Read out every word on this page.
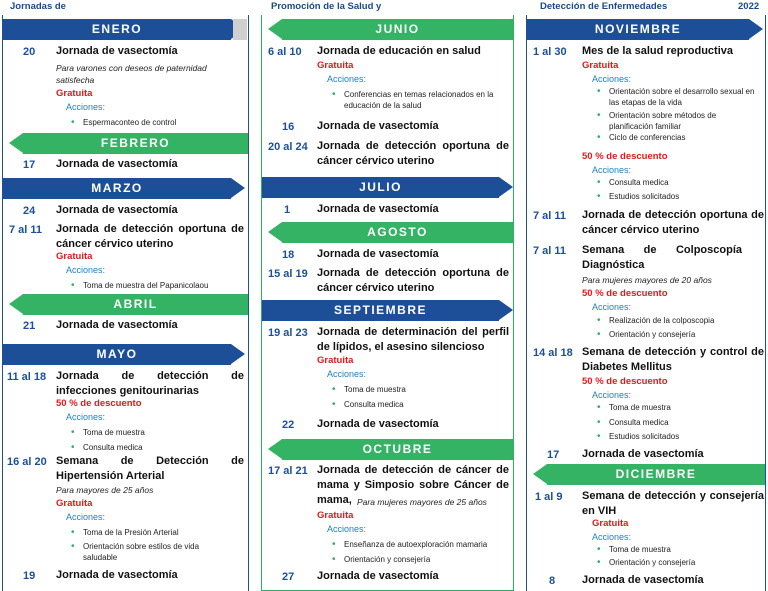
Jornadas de	Promoción de la Salud y	Detección de Enfermedades	2022
ENERO
20 Jornada de vasectomía
Para varones con deseos de paternidad satisfecha
Gratuita
Acciones:
• Espermaconteo de control
FEBRERO
17 Jornada de vasectomía
MARZO
24 Jornada de vasectomía
7 al 11 Jornada de detección oportuna de cáncer cérvico uterino
Gratuita
Acciones:
• Toma de muestra del Papanicolaou
ABRIL
21 Jornada de vasectomía
MAYO
11 al 18 Jornada de detección de infecciones genitourinarias
50 % de descuento
Acciones:
• Toma de muestra
• Consulta medica
16 al 20 Semana de Detección de Hipertensión Arterial
Para mayores de 25 años
Gratuita
Acciones:
• Toma de la Presión Arterial
• Orientación sobre estilos de vida saludable
19 Jornada de vasectomía
JUNIO
6 al 10 Jornada de educación en salud
Gratuita
Acciones:
• Conferencias en temas relacionados en la educación de la salud
16 Jornada de vasectomía
20 al 24 Jornada de detección oportuna de cáncer cérvico uterino
JULIO
1 Jornada de vasectomía
AGOSTO
18 Jornada de vasectomía
15 al 19 Jornada de detección oportuna de cáncer cérvico uterino
SEPTIEMBRE
19 al 23 Jornada de determinación del perfil de lípidos, el asesino silencioso
Gratuita
Acciones:
• Toma de muestra
• Consulta medica
22 Jornada de vasectomía
OCTUBRE
17 al 21 Jornada de detección de cáncer de mama y Simposio sobre Cáncer de mama, Para mujeres mayores de 25 años
Gratuita
Acciones:
• Enseñanza de autoexploración mamaria
• Orientación y consejería
27 Jornada de vasectomía
NOVIEMBRE
1 al 30 Mes de la salud reproductiva
Gratuita
Acciones:
• Orientación sobre el desarrollo sexual en las etapas de la vida
• Orientación sobre métodos de planificación familiar
• Ciclo de conferencias
50 % de descuento
Acciones:
• Consulta medica
• Estudios solicitados
7 al 11 Jornada de detección oportuna de cáncer cérvico uterino
7 al 11 Semana de Colposcopía Diagnóstica
Para mujeres mayores de 20 años
50 % de descuento
Acciones:
• Realización de la colposcopia
• Orientación y consejería
14 al 18 Semana de detección y control de Diabetes Mellitus
50 % de descuento
Acciones:
• Toma de muestra
• Consulta medica
• Estudios solicitados
17 Jornada de vasectomía
DICIEMBRE
1 al 9 Semana de detección y consejería en VIH
Gratuita
Acciones:
• Toma de muestra
• Orientación y consejería
8 Jornada de vasectomía
